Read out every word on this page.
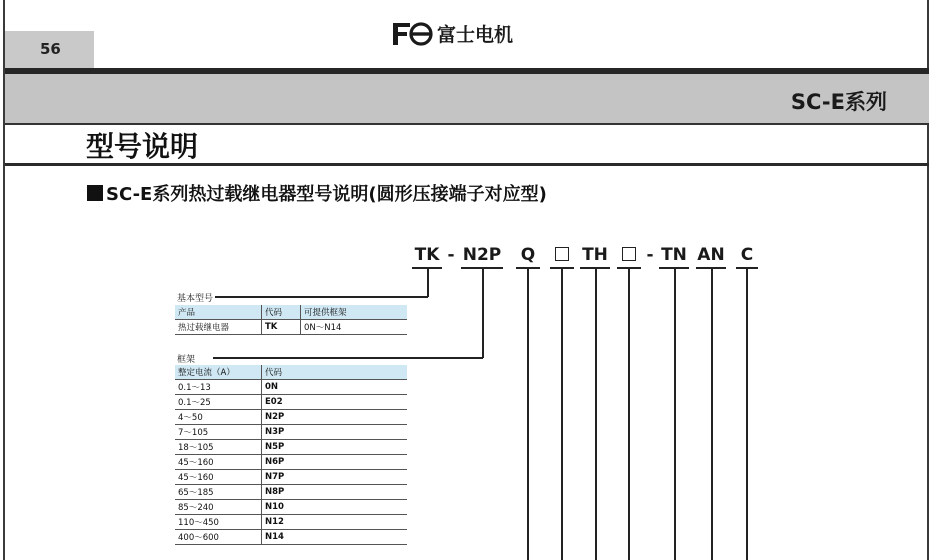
56
富士电机
SC-E系列
型号说明
SC-E系列热过载继电器型号说明(圆形压接端子对应型)
TK - N2P Q	TH - TN AN C
基本型号
产品	代码	可提供框架
热过载继电器	TK	0N～N14
框架
整定电流（A）	代码
0.1～13	0N
0.1～25	E02
4～50	N2P
7～105	N3P
18～105	N5P
45～160	N6P
45～160	N7P
65～185	N8P
85～240	N10
110～450	N12
400～600	N14
